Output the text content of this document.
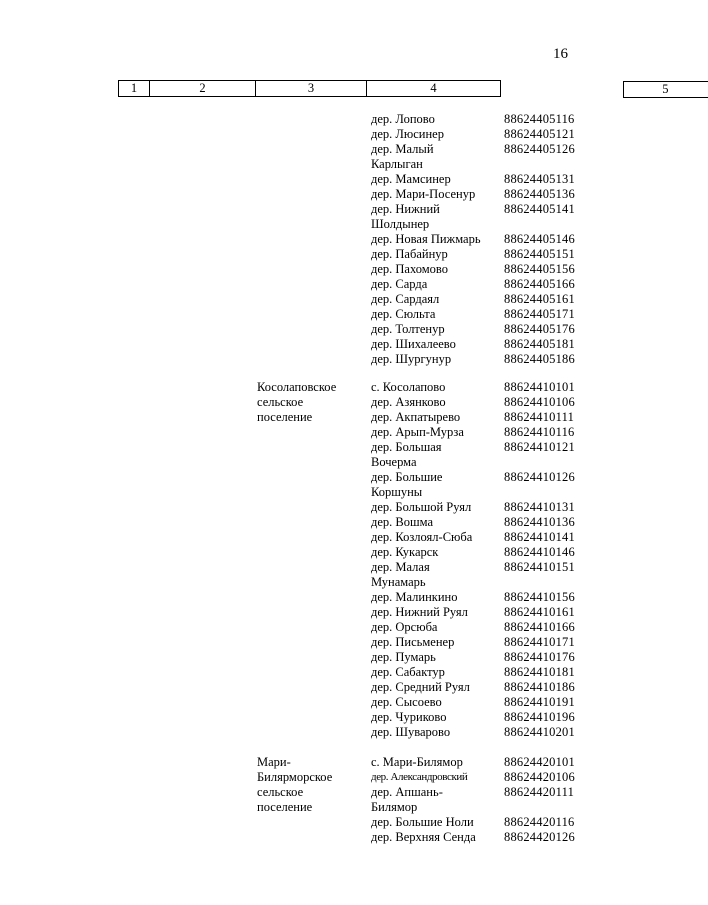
16
1	2	3	4		5
дер. Лопово	88624405116
дер. Люсинер	88624405121
дер. Малый
Карлыган
88624405126
дер. Мамсинер	88624405131
дер. Мари-Посенур 88624405136
дер. Нижний
Шолдынер
88624405141
дер. Новая Пижмарь 88624405146
дер. Пабайнур	88624405151
дер. Пахомово	88624405156
дер. Сарда	88624405166
дер. Сардаял	88624405161
дер. Сюльта	88624405171
дер. Толтенур	88624405176
дер. Шихалеево	88624405181
дер. Шургунур	88624405186
Косолаповское
сельское
поселение
с. Косолапово	88624410101
дер. Азянково	88624410106
дер. Акпатырево	88624410111
дер. Арып-Мурза	88624410116
дер. Большая
Вочерма
88624410121
дер. Большие
Коршуны
88624410126
дер. Большой Руял	88624410131
дер. Вошма	88624410136
дер. Козлоял-Сюба	88624410141
дер. Кукарск	88624410146
дер. Малая
Мунамарь
88624410151
дер. Малинкино	88624410156
дер. Нижний Руял	88624410161
дер. Орсюба	88624410166
дер. Письменер	88624410171
дер. Пумарь	88624410176
дер. Сабактур	88624410181
дер. Средний Руял	88624410186
дер. Сысоево	88624410191
дер. Чуриково	88624410196
дер. Шуварово	88624410201
Мари-
Билярморское
сельское
поселение
с. Мари-Билямор	88624420101
дер. Александровский	88624420106
дер. Апшань-
Билямор
88624420111
дер. Большие Ноли 88624420116
дер. Верхняя Сенда 88624420126
